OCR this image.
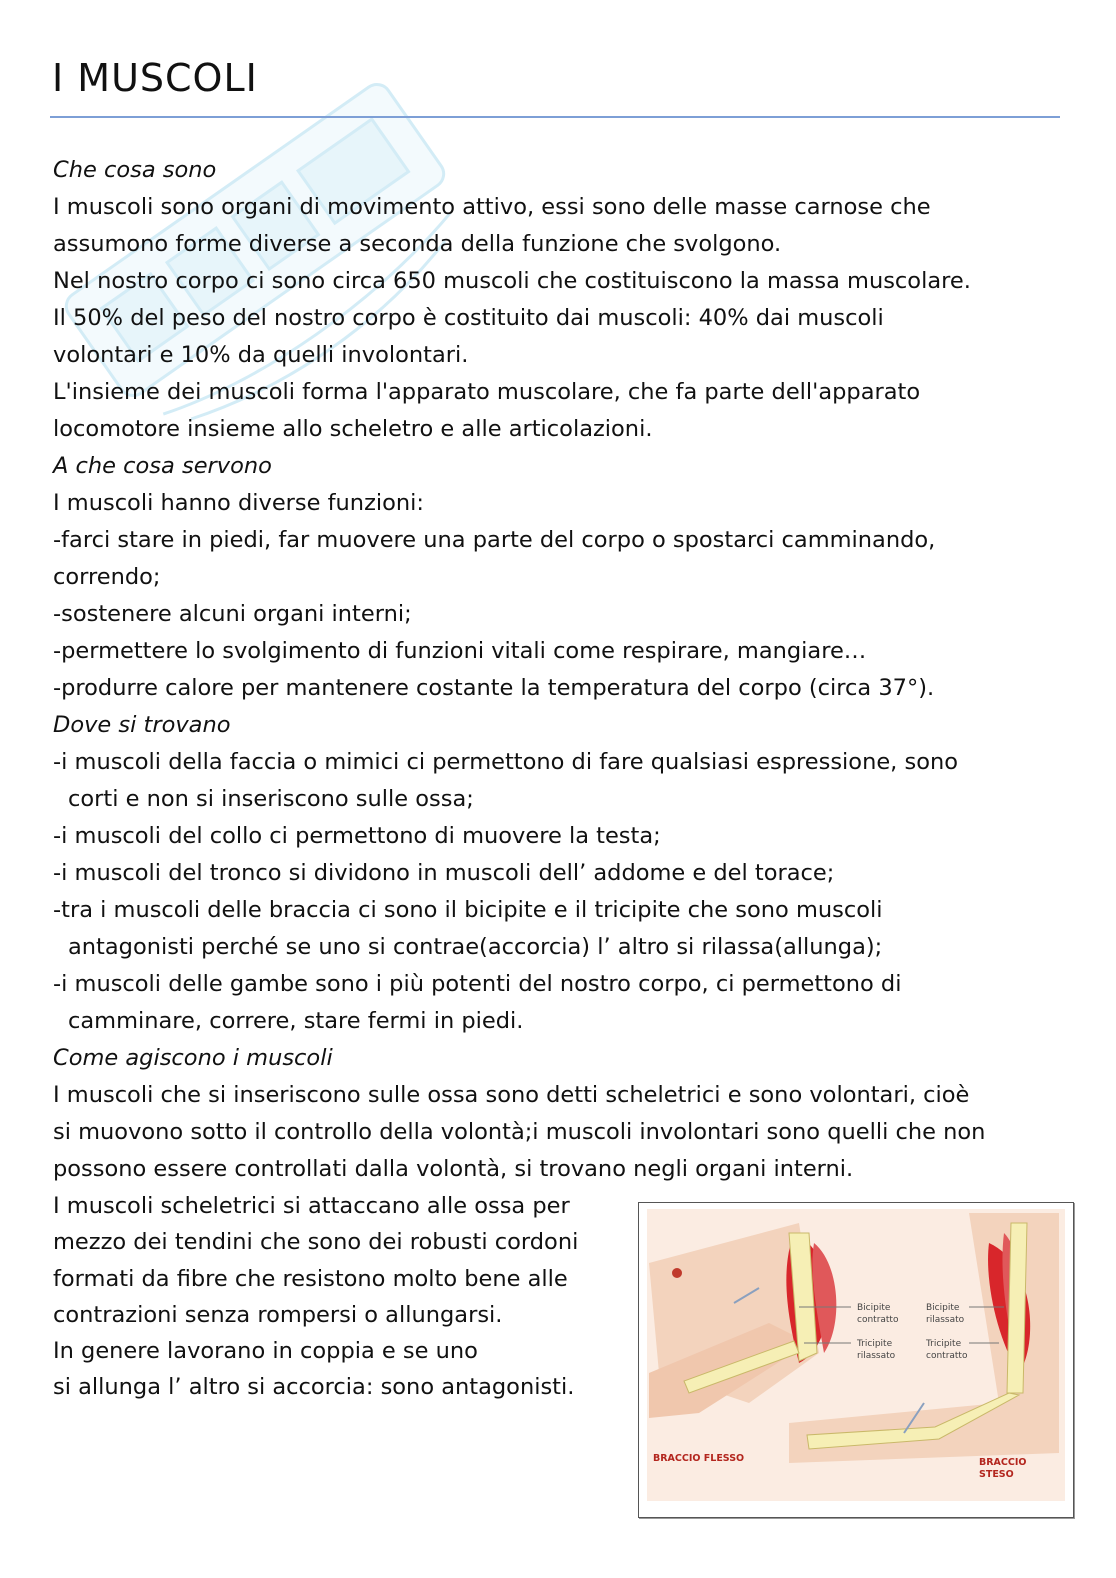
I MUSCOLI
Che cosa sono
I muscoli sono organi di movimento attivo, essi sono delle masse carnose che
assumono forme diverse a seconda della funzione che svolgono.
Nel nostro corpo ci sono circa 650 muscoli che costituiscono la massa muscolare.
Il 50% del peso del nostro corpo è costituito dai muscoli: 40% dai muscoli
volontari e 10% da quelli involontari.
L'insieme dei muscoli forma l'apparato muscolare, che fa parte dell'apparato
locomotore insieme allo scheletro e alle articolazioni.
A che cosa servono
I muscoli hanno diverse funzioni:
-farci stare in piedi, far muovere una parte del corpo o spostarci camminando,
correndo;
-sostenere alcuni organi interni;
-permettere lo svolgimento di funzioni vitali come respirare, mangiare…
-produrre calore per mantenere costante la temperatura del corpo (circa 37°).
Dove si trovano
-i muscoli della faccia o mimici ci permettono di fare qualsiasi espressione, sono
corti e non si inseriscono sulle ossa;
-i muscoli del collo ci permettono di muovere la testa;
-i muscoli del tronco si dividono in muscoli dell’ addome e del torace;
-tra i muscoli delle braccia ci sono il bicipite e il tricipite che sono muscoli
antagonisti perché se uno si contrae(accorcia) l’ altro si rilassa(allunga);
-i muscoli delle gambe sono i più potenti del nostro corpo, ci permettono di
camminare, correre, stare fermi in piedi.
Come agiscono i muscoli
I muscoli che si inseriscono sulle ossa sono detti scheletrici e sono volontari, cioè
si muovono sotto il controllo della volontà;i muscoli involontari sono quelli che non
possono essere controllati dalla volontà, si trovano negli organi interni.
I muscoli scheletrici si attaccano alle ossa per
mezzo dei tendini che sono dei robusti cordoni
formati da fibre che resistono molto bene alle
contrazioni senza rompersi o allungarsi.
In genere lavorano in coppia e se uno
si allunga l’ altro si accorcia: sono antagonisti.
Bicipite
contratto
Tricipite
rilassato
Bicipite
rilassato
Tricipite
contratto
BRACCIO FLESSO	BRACCIO
STESO
